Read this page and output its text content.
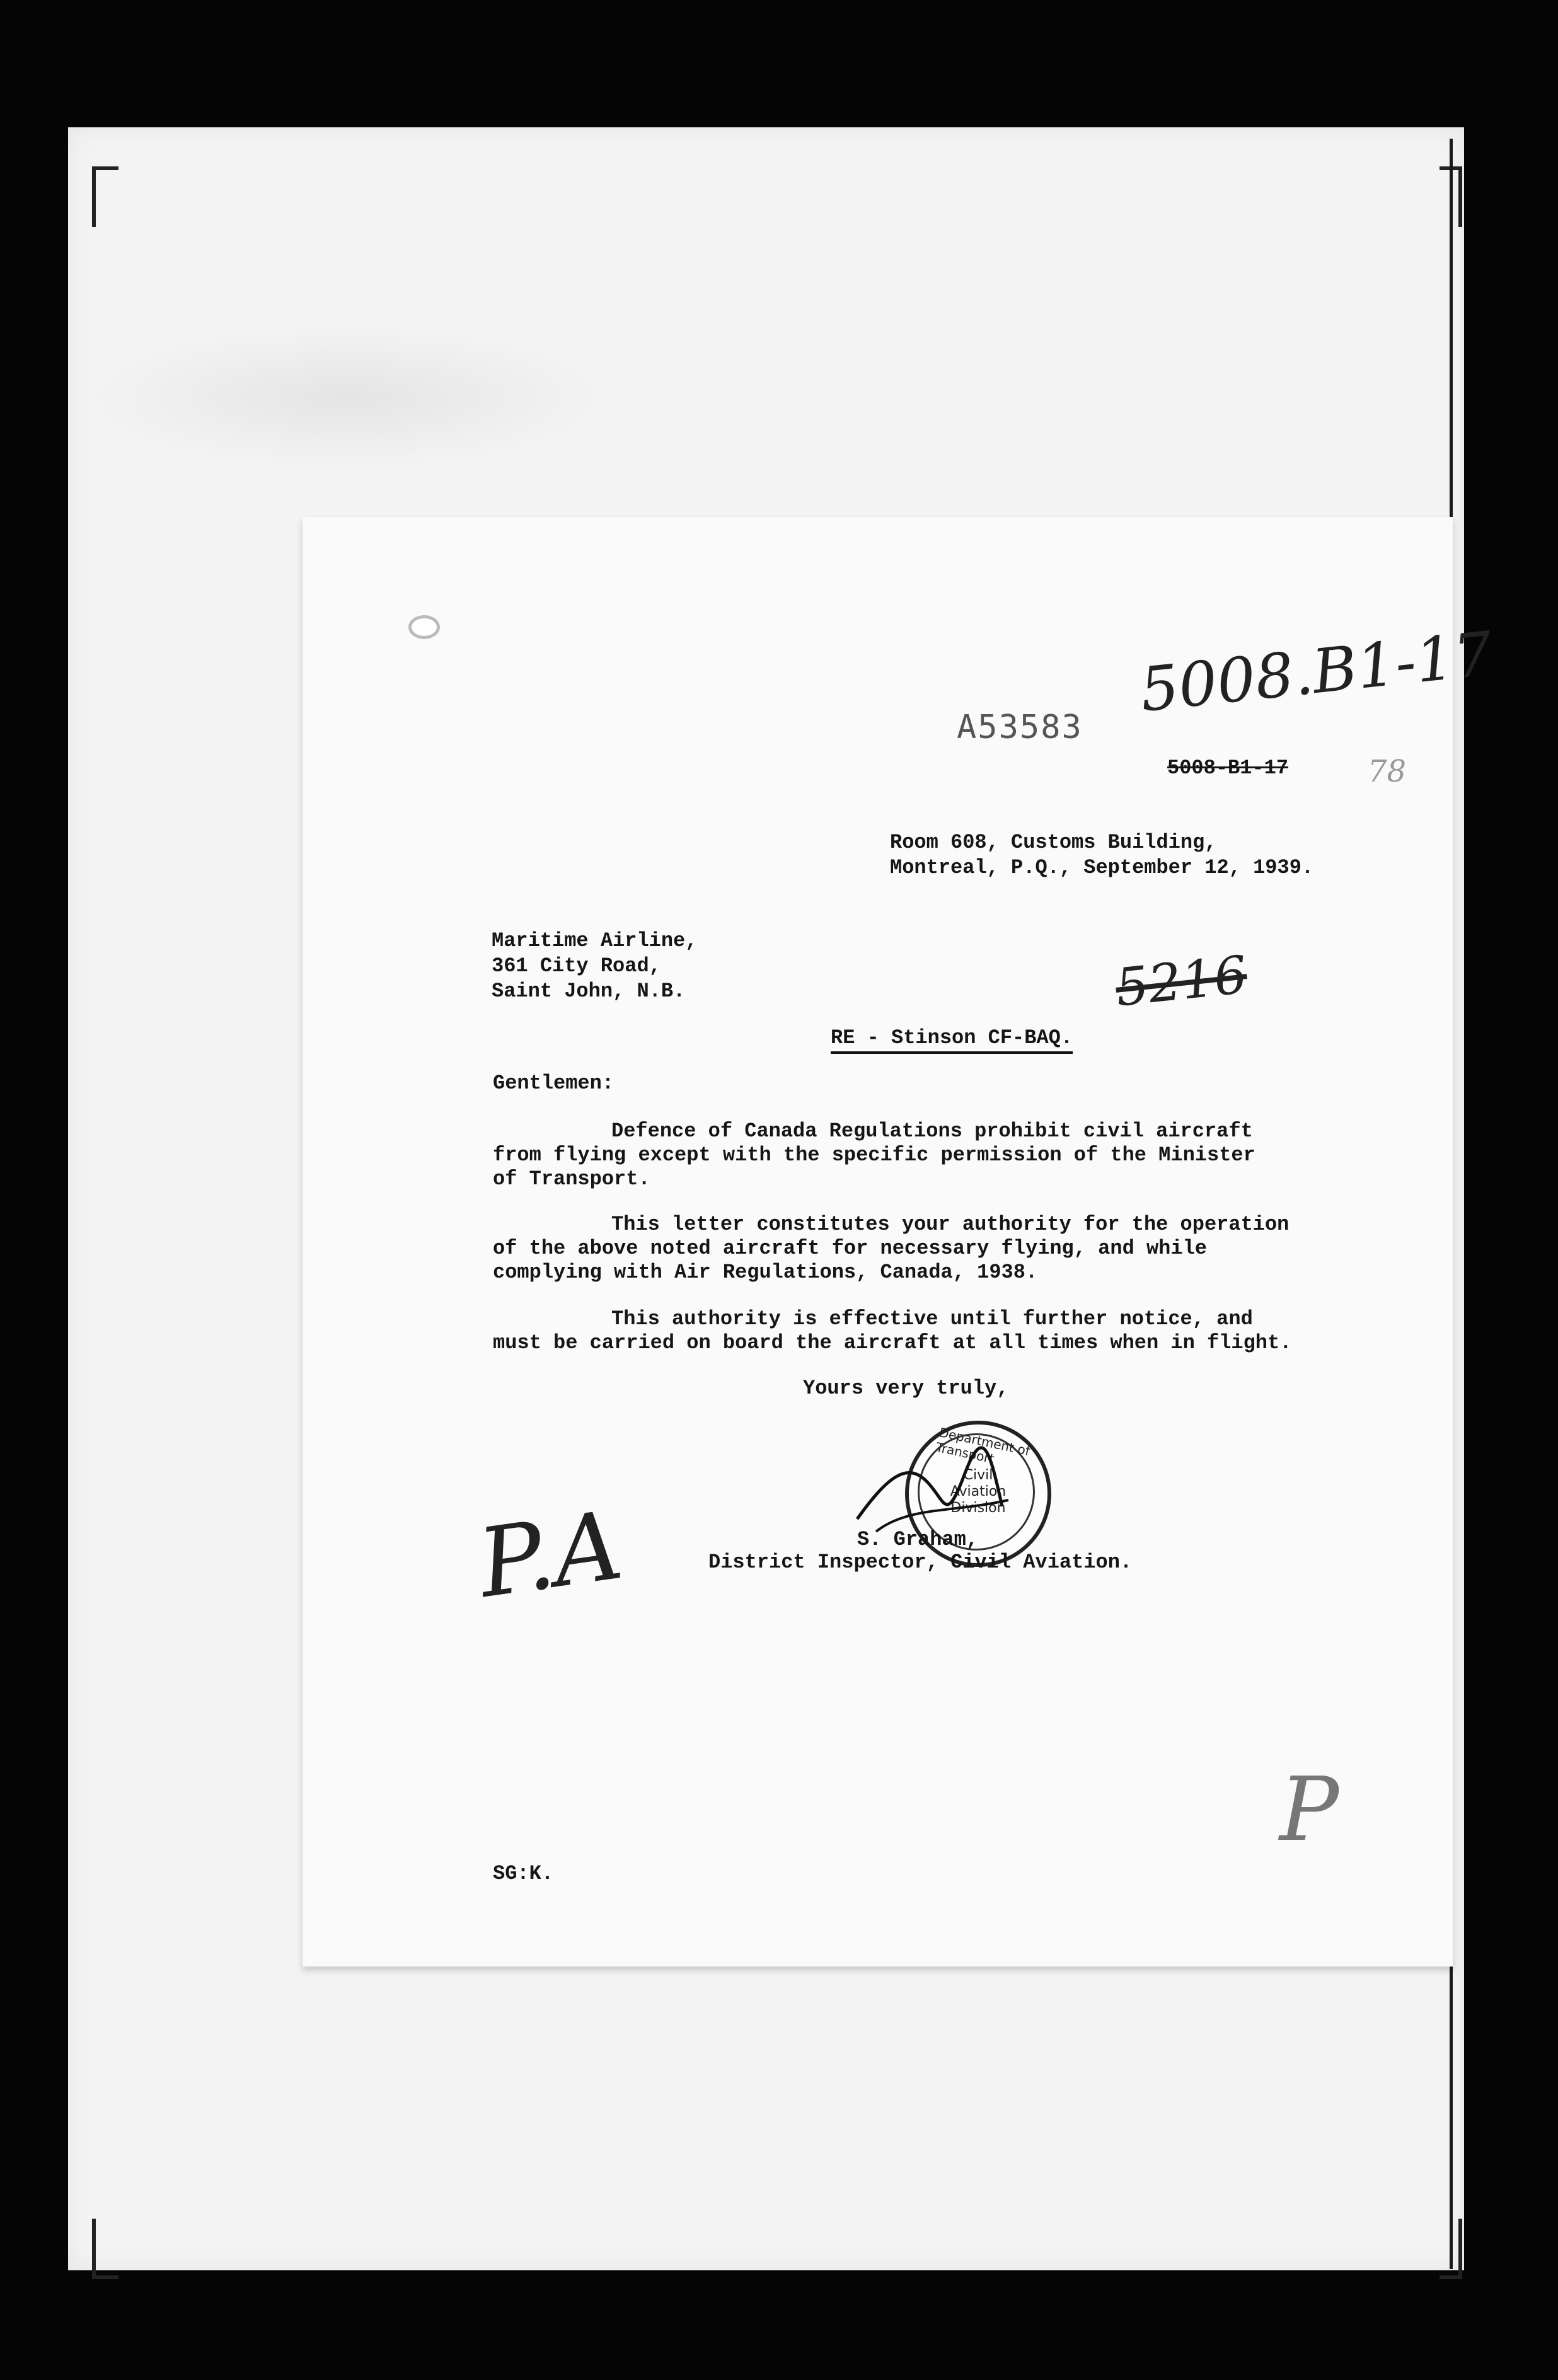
A53583
5008.B1-17
78
5008-B1-17
Room 608, Customs Building,
Montreal, P.Q., September 12, 1939.
5216
Maritime Airline,
361 City Road,
Saint John, N.B.
RE - Stinson CF-BAQ.
Gentlemen:
Defence of Canada Regulations prohibit civil aircraft
from flying except with the specific permission of the Minister
of Transport.
This letter constitutes your authority for the operation
of the above noted aircraft for necessary flying, and while
complying with Air Regulations, Canada, 1938.
This authority is effective until further notice, and
must be carried on board the aircraft at all times when in flight.
Yours very truly,
Department of Transport
Civil
Aviation
Division
S. Graham,
District Inspector, Civil Aviation.
P.A
P
SG:K.
